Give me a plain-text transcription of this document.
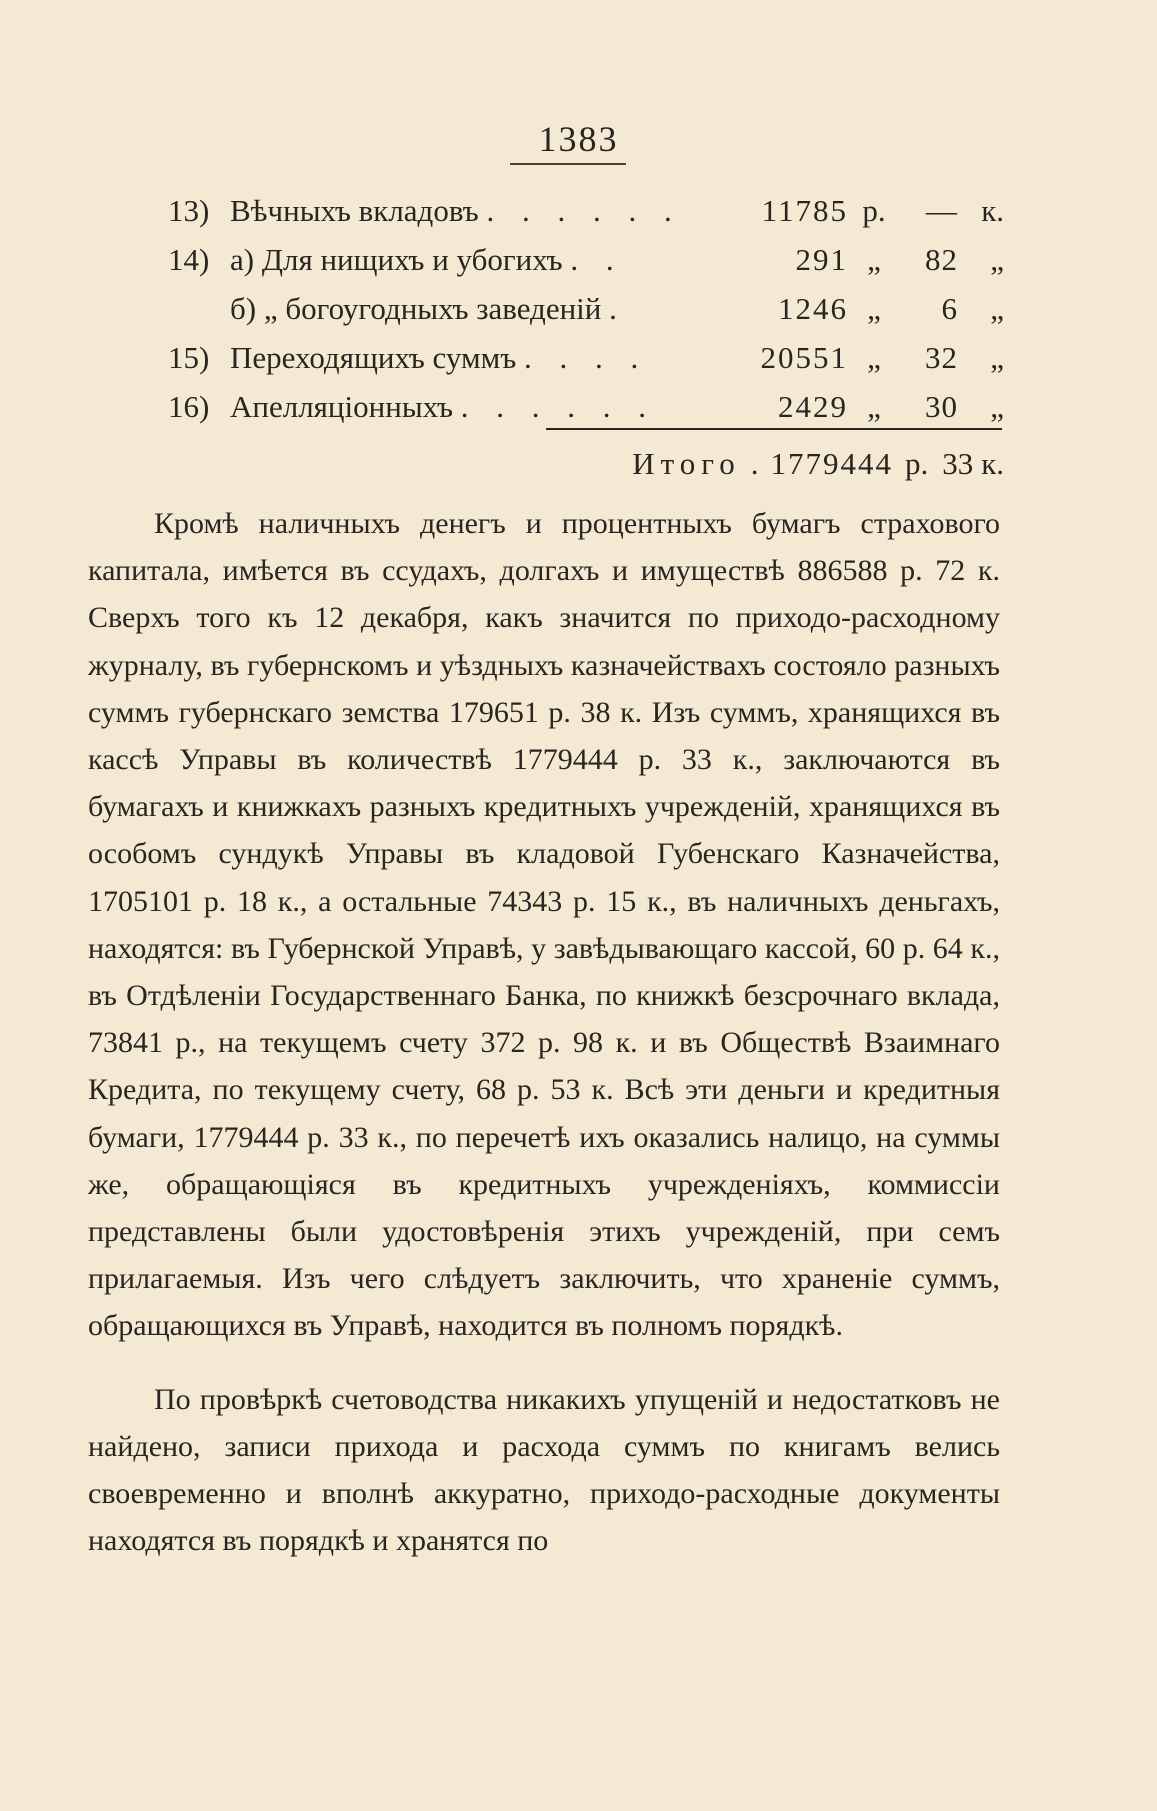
1383
13) Вѣчныхъ вкладовъ . . . . . .	11785 р.	— к.
14) а) Для нищихъ и убогихъ . .	291 „	82	„
б) „ богоугодныхъ заведеній .	1246 „	6	„
15) Переходящихъ суммъ . . . .	20551 „	32	„
16) Апелляціонныхъ . . . . . .	2429 „	30	„
Итого . 1779444 р. 33 к.

Кромѣ наличныхъ денегъ и процентныхъ бумагъ страхового капитала, имѣется въ ссудахъ, долгахъ и имуществѣ 886588 р. 72 к. Сверхъ того къ 12 декабря, какъ значится по приходо-расходному журналу, въ губернскомъ и уѣздныхъ казначействахъ состояло разныхъ суммъ губернскаго земства 179651 р. 38 к. Изъ суммъ, хранящихся въ кассѣ Управы въ количествѣ 1779444 р. 33 к., заключаются въ бумагахъ и книжкахъ разныхъ кредитныхъ учрежденій, хранящихся въ особомъ сундукѣ Управы въ кладовой Губенскаго Казначейства, 1705101 р. 18 к., а остальные 74343 р. 15 к., въ наличныхъ деньгахъ, находятся: въ Губернской Управѣ, у завѣдывающаго кассой, 60 р. 64 к., въ Отдѣленіи Государственнаго Банка, по книжкѣ безсрочнаго вклада, 73841 р., на текущемъ счету 372 р. 98 к. и въ Обществѣ Взаимнаго Кредита, по текущему счету, 68 р. 53 к. Всѣ эти деньги и кредитныя бумаги, 1779444 р. 33 к., по перечетѣ ихъ оказались налицо, на суммы же, обращающіяся въ кредитныхъ учрежденіяхъ, коммиссіи представлены были удостовѣренія этихъ учрежденій, при семъ прилагаемыя. Изъ чего слѣдуетъ заключить, что храненіе суммъ, обращающихся въ Управѣ, находится въ полномъ порядкѣ.

По провѣркѣ счетоводства никакихъ упущеній и недостатковъ не найдено, записи прихода и расхода суммъ по книгамъ велись своевременно и вполнѣ аккуратно, приходо-расходные документы находятся въ порядкѣ и хранятся по
